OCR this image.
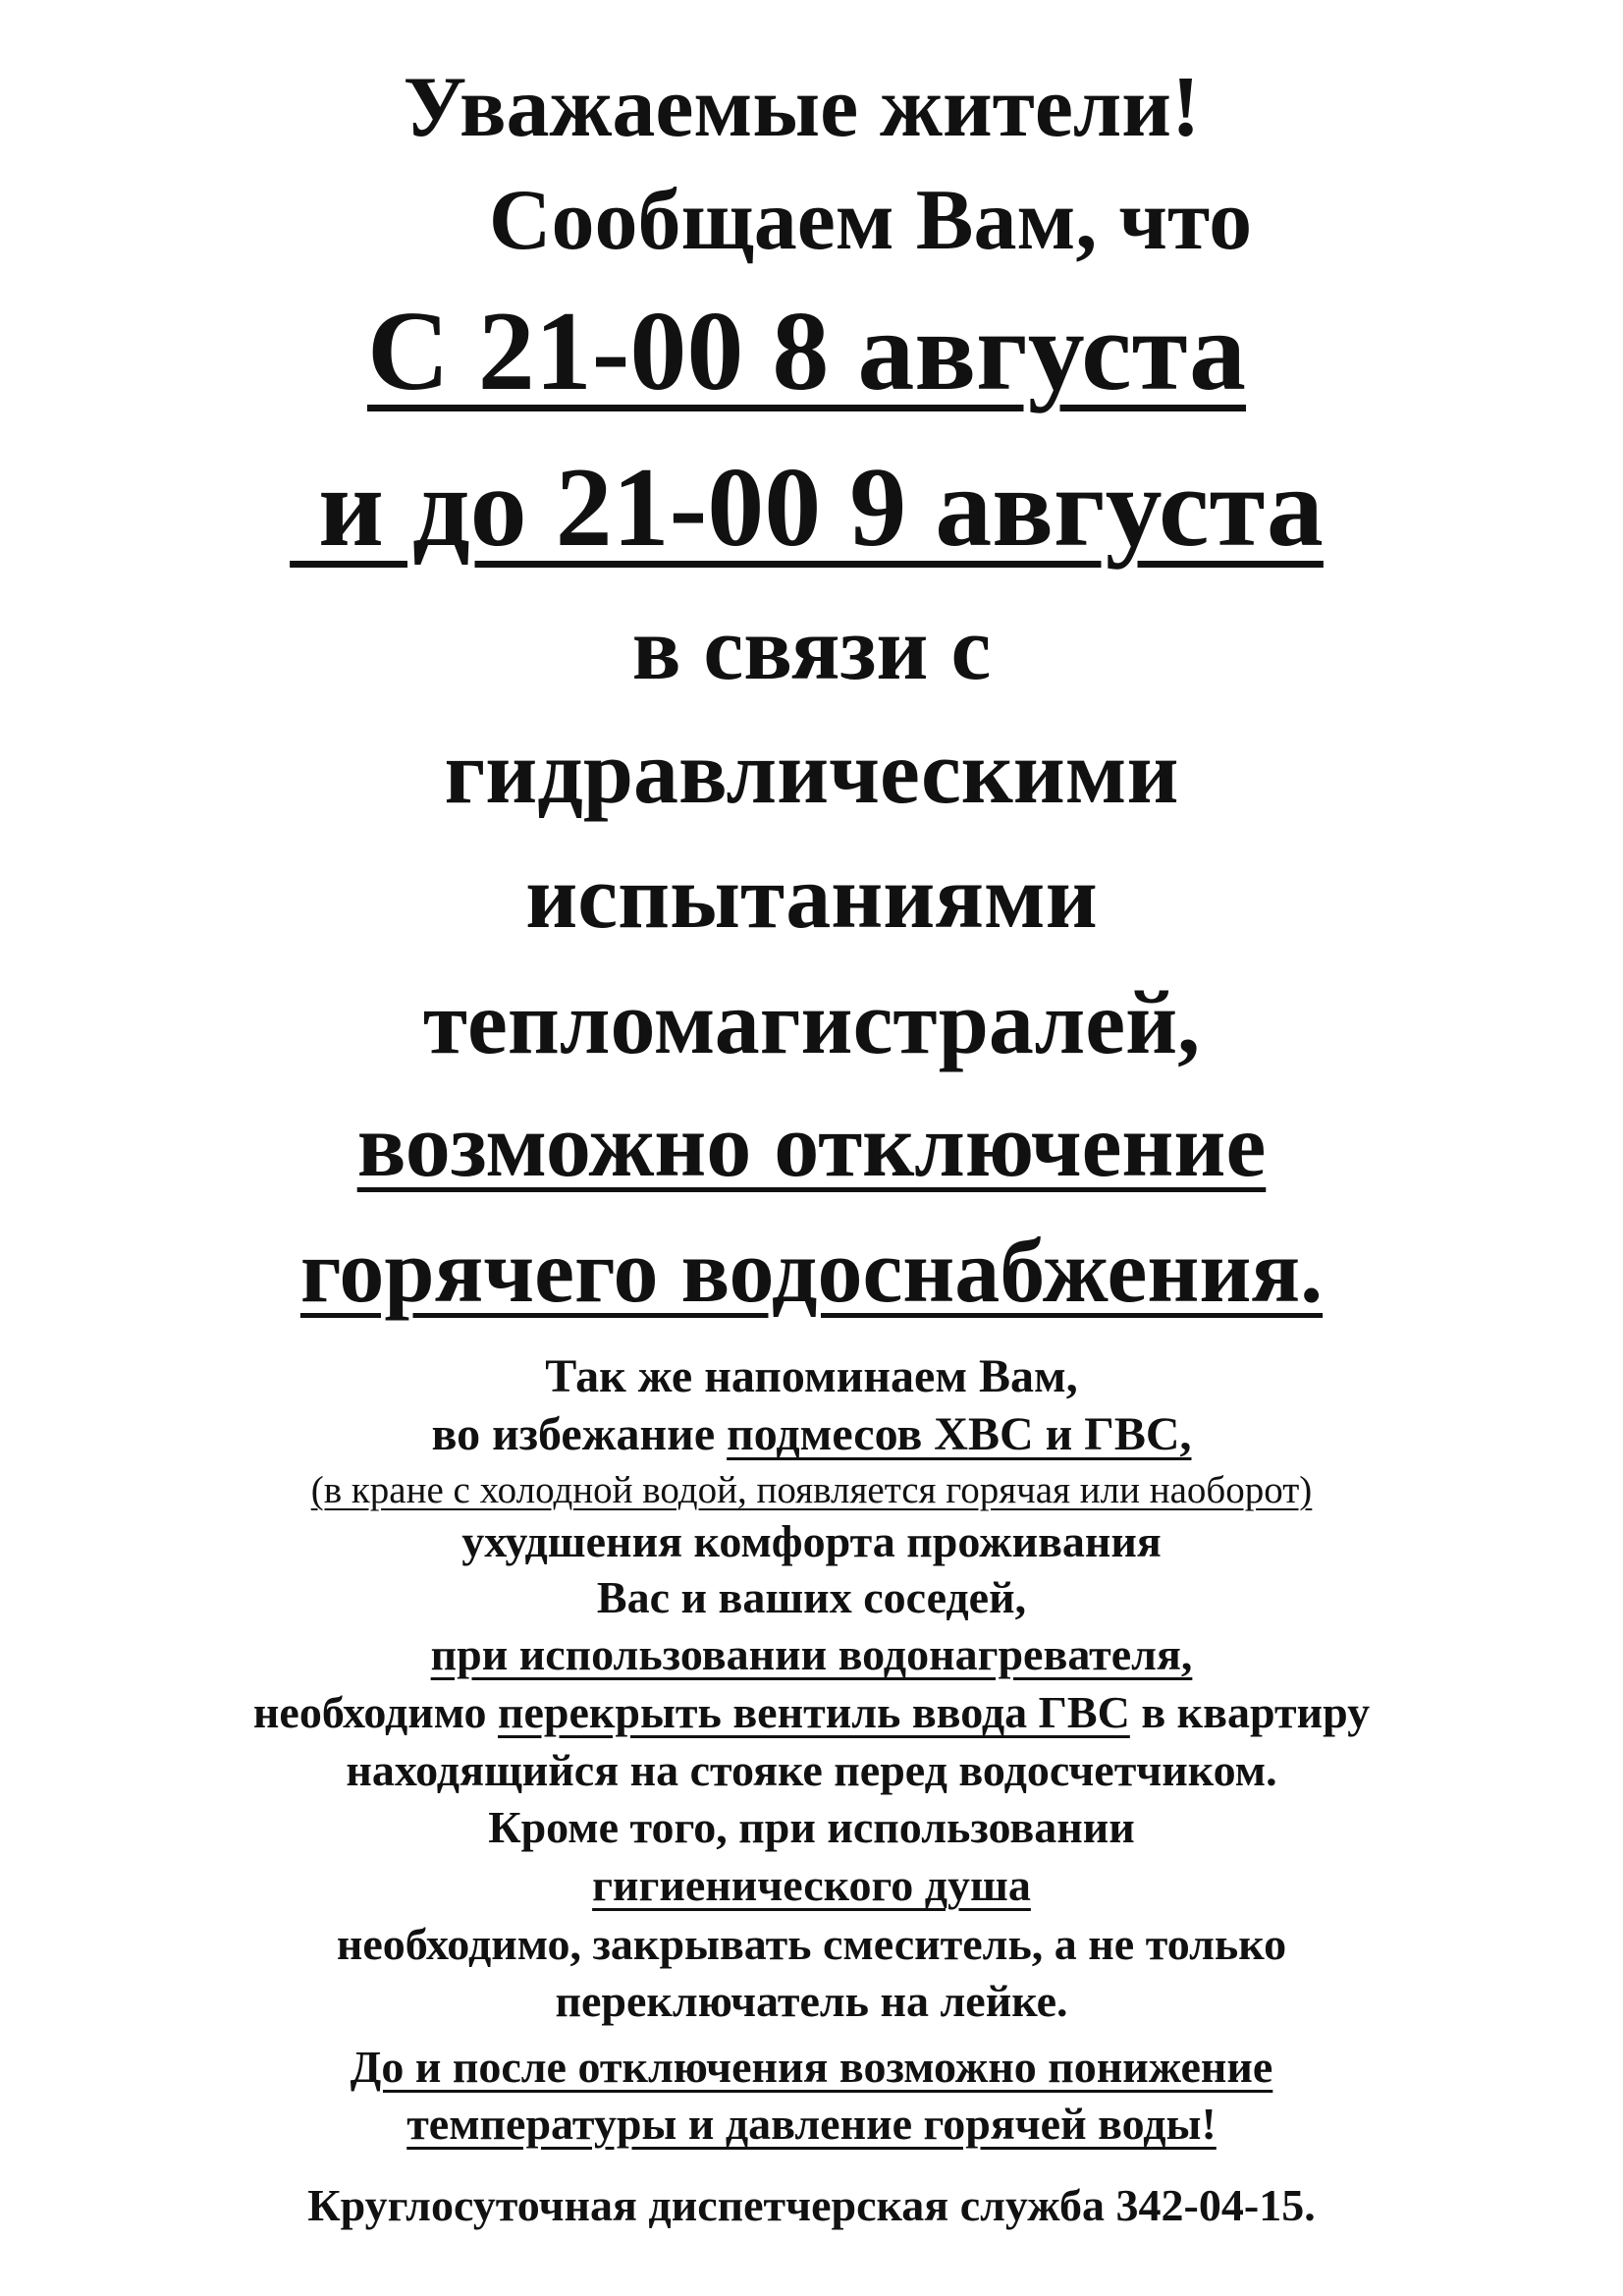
Уважаемые жители!
Сообщаем Вам, что
С 21-00 8 августа
и до 21-00 9 августа
в связи с
гидравлическими
испытаниями
тепломагистралей,
возможно отключение
горячего водоснабжения.
Так же напоминаем Вам,
во избежание подмесов ХВС и ГВС,
(в кране с холодной водой, появляется горячая или наоборот)
ухудшения комфорта проживания
Вас и ваших соседей,
при использовании водонагревателя,
необходимо перекрыть вентиль ввода ГВС в квартиру
находящийся на стояке перед водосчетчиком.
Кроме того, при использовании
гигиенического душа
необходимо, закрывать смеситель, а не только
переключатель на лейке.
До и после отключения возможно понижение
температуры и давление горячей воды!
Круглосуточная диспетчерская служба 342-04-15.
